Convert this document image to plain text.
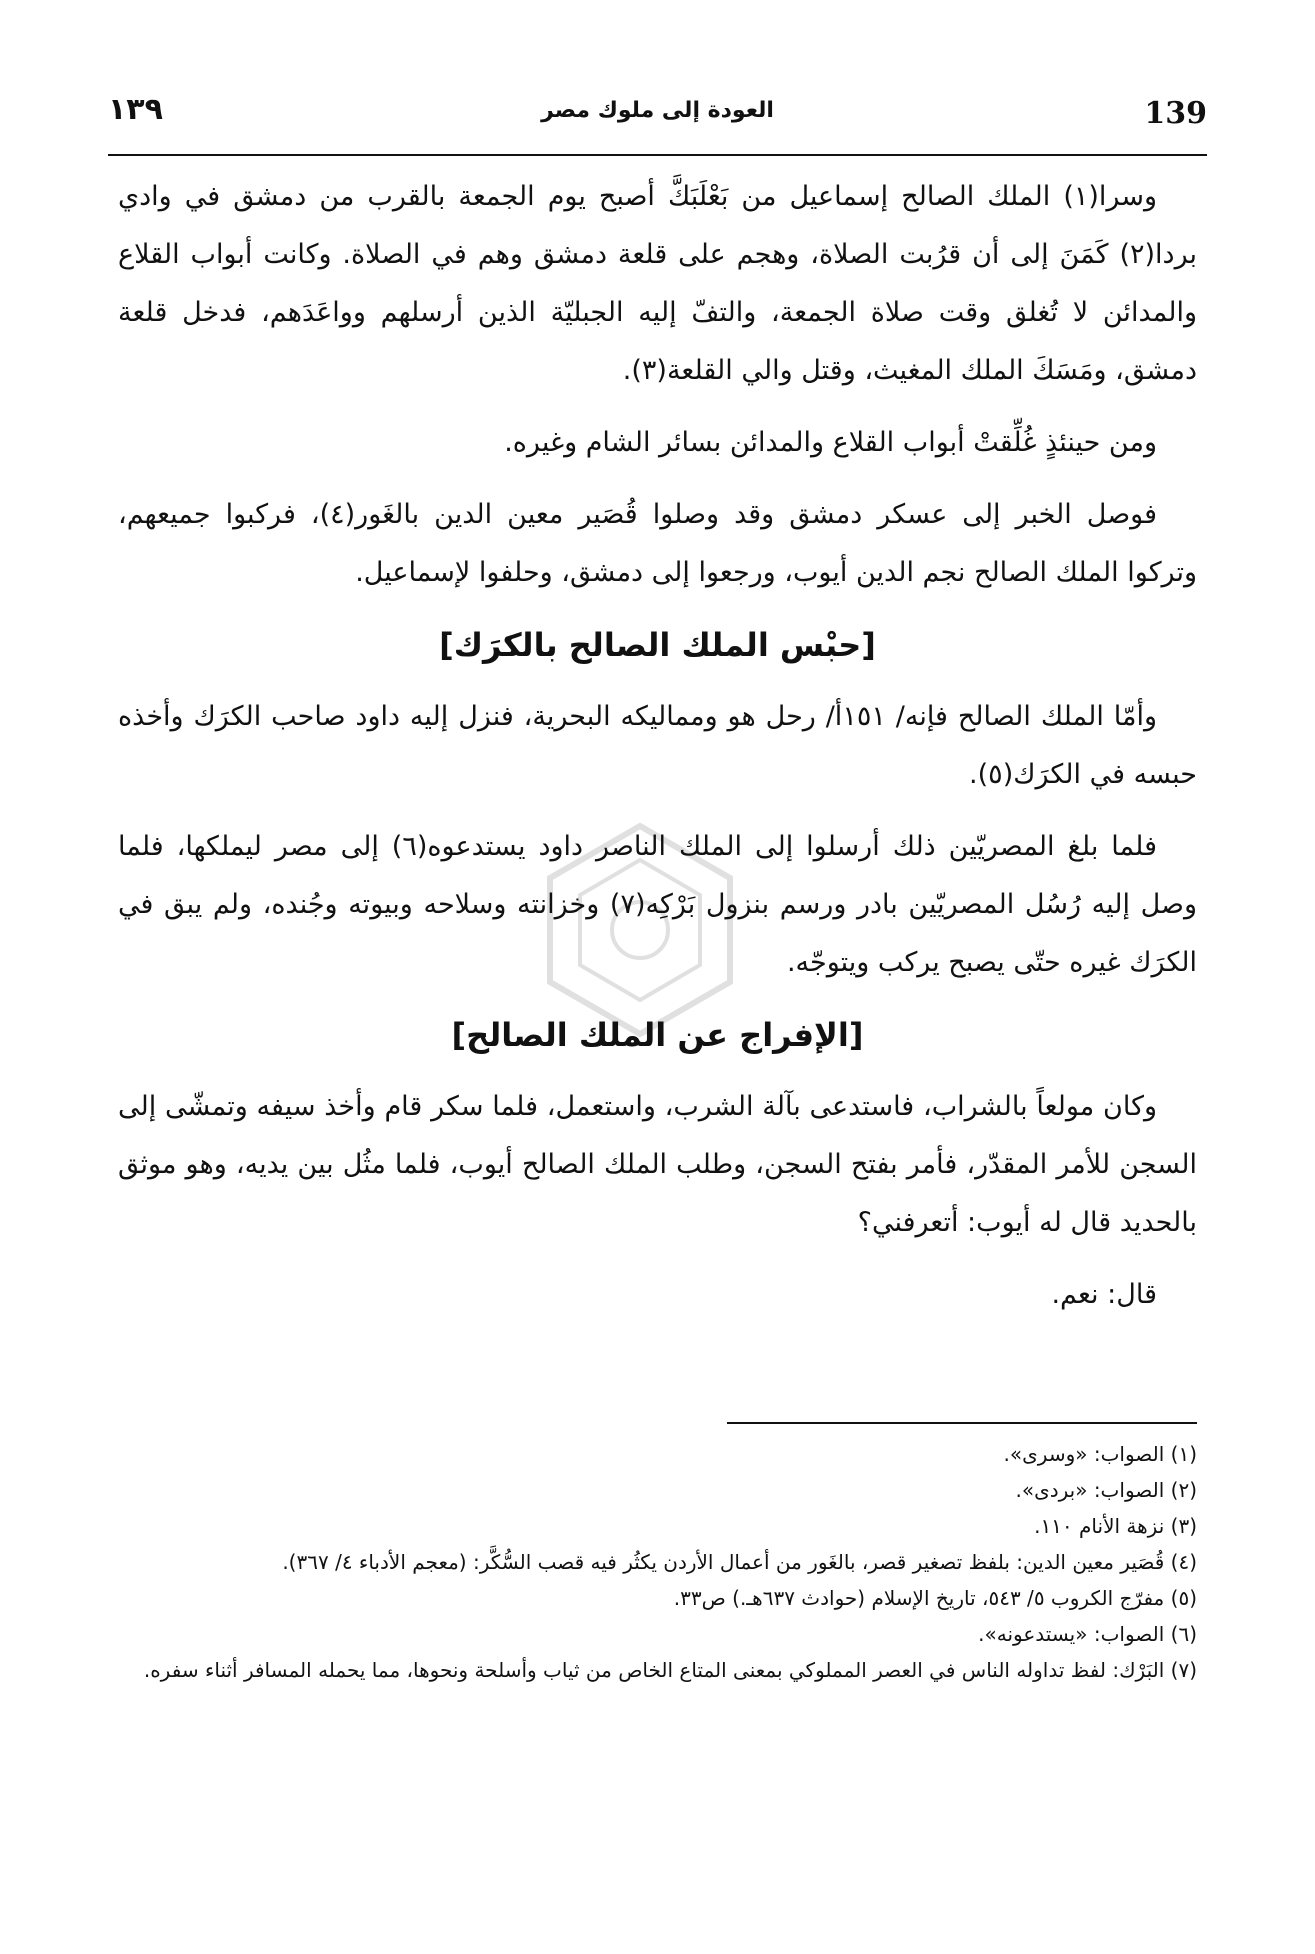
139
العودة إلى ملوك مصر
١٣٩

وسرا(١) الملك الصالح إسماعيل من بَعْلَبَكَّ أصبح يوم الجمعة بالقرب من دمشق في وادي بردا(٢) كَمَنَ إلى أن قرُبت الصلاة، وهجم على قلعة دمشق وهم في الصلاة. وكانت أبواب القلاع والمدائن لا تُغلق وقت صلاة الجمعة، والتفّ إليه الجبليّة الذين أرسلهم وواعَدَهم، فدخل قلعة دمشق، ومَسَكَ الملك المغيث، وقتل والي القلعة(٣).

ومن حينئذٍ غُلِّقتْ أبواب القلاع والمدائن بسائر الشام وغيره.

فوصل الخبر إلى عسكر دمشق وقد وصلوا قُصَير معين الدين بالغَور(٤)، فركبوا جميعهم، وتركوا الملك الصالح نجم الدين أيوب، ورجعوا إلى دمشق، وحلفوا لإسماعيل.

[حبْس الملك الصالح بالكرَك]

وأمّا الملك الصالح فإنه/ ١٥١أ/ رحل هو ومماليكه البحرية، فنزل إليه داود صاحب الكرَك وأخذه حبسه في الكرَك(٥).

فلما بلغ المصريّين ذلك أرسلوا إلى الملك الناصر داود يستدعوه(٦) إلى مصر ليملكها، فلما وصل إليه رُسُل المصريّين بادر ورسم بنزول بَرْكِه(٧) وخزانته وسلاحه وبيوته وجُنده، ولم يبق في الكرَك غيره حتّى يصبح يركب ويتوجّه.

[الإفراج عن الملك الصالح]

وكان مولعاً بالشراب، فاستدعى بآلة الشرب، واستعمل، فلما سكر قام وأخذ سيفه وتمشّى إلى السجن للأمر المقدّر، فأمر بفتح السجن، وطلب الملك الصالح أيوب، فلما مثُل بين يديه، وهو موثق بالحديد قال له أيوب: أتعرفني؟

قال: نعم.

(١) الصواب: «وسرى».

(٢) الصواب: «بردى».

(٣) نزهة الأنام ١١٠.

(٤) قُصَير معين الدين: بلفظ تصغير قصر، بالغَور من أعمال الأردن يكثُر فيه قصب السُّكَّر: (معجم الأدباء ٤/ ٣٦٧).

(٥) مفرّج الكروب ٥/ ٥٤٣، تاريخ الإسلام (حوادث ٦٣٧هـ.) ص٣٣.

(٦) الصواب: «يستدعونه».

(٧) البَرْك: لفظ تداوله الناس في العصر المملوكي بمعنى المتاع الخاص من ثياب وأسلحة ونحوها، مما يحمله المسافر أثناء سفره.
